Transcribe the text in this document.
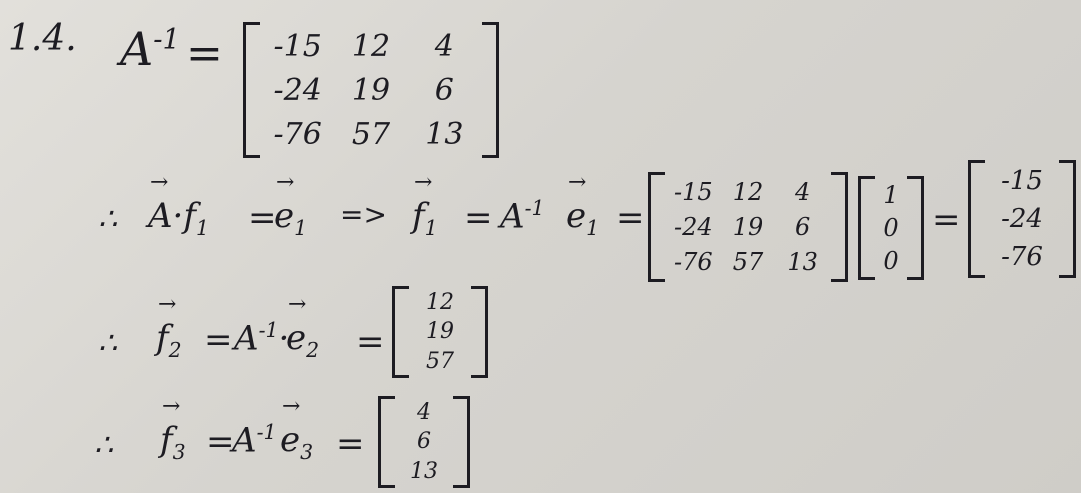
1.4. $A^{-1} = -15$ 12 4
-24 19 6
-76 57 13
∴
→ $A\cdot f_1$ =
→ $e_1$ =>
→ $f_1 = A^{-1}$
→ $e_1$ =
-15 12 4
-24 19 6
-76 57 13
1
0
0
=
-15
-24
-76
∴
→ $f_2 = A^{-1}\cdot$
→ $e_2$ =
12
19
57
∴
→ $f_3$ =
$A^{-1}$
→ $e_3$ =
4
6
13
